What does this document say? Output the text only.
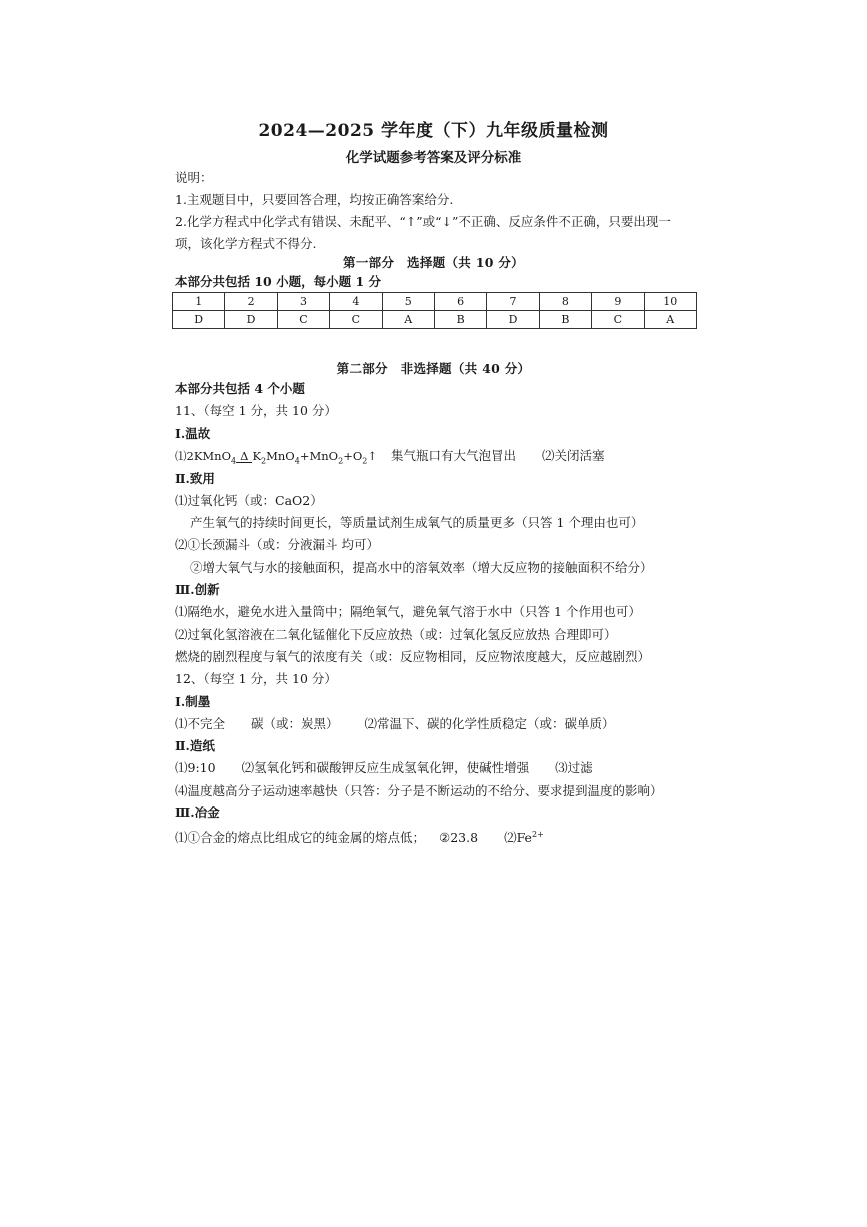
2024—2025 学年度（下）九年级质量检测
化学试题参考答案及评分标准
说明：
1.主观题目中，只要回答合理，均按正确答案给分.
2.化学方程式中化学式有错误、未配平、“↑”或“↓”不正确、反应条件不正确，只要出现一
项，该化学方程式不得分.
第一部分　选择题（共 10 分）
本部分共包括 10 小题，每小题 1 分
1	2	3	4	5	6	7	8	9	10
D	D	C	C	A	B	D	B	C	A
第二部分　非选择题（共 40 分）
本部分共包括 4 个小题
11、（每空 1 分，共 10 分）
Ⅰ.温故
⑴2KMnO$_4$ Δ $K_2MnO_4+MnO_2+O_2↑$ 集气瓶口有大气泡冒出 ⑵关闭活塞
Ⅱ.致用
⑴过氧化钙（或：CaO2）
产生氧气的持续时间更长，等质量试剂生成氧气的质量更多（只答 1 个理由也可）
⑵①长颈漏斗（或：分液漏斗 均可）
②增大氧气与水的接触面积，提高水中的溶氧效率（增大反应物的接触面积不给分）
Ⅲ.创新
⑴隔绝水，避免水进入量筒中；隔绝氧气，避免氧气溶于水中（只答 1 个作用也可）
⑵过氧化氢溶液在二氧化锰催化下反应放热（或：过氧化氢反应放热 合理即可）
燃烧的剧烈程度与氧气的浓度有关（或：反应物相同，反应物浓度越大，反应越剧烈）
12、（每空 1 分，共 10 分）
Ⅰ.制墨
⑴不完全 碳（或：炭黑） ⑵常温下、碳的化学性质稳定（或：碳单质）
Ⅱ.造纸
⑴9:10 ⑵氢氧化钙和碳酸钾反应生成氢氧化钾，使碱性增强 ⑶过滤
⑷温度越高分子运动速率越快（只答：分子是不断运动的不给分、要求提到温度的影响）
Ⅲ.冶金
⑴①合金的熔点比组成它的纯金属的熔点低； ②23.8 $⑵Fe^{2+}$
